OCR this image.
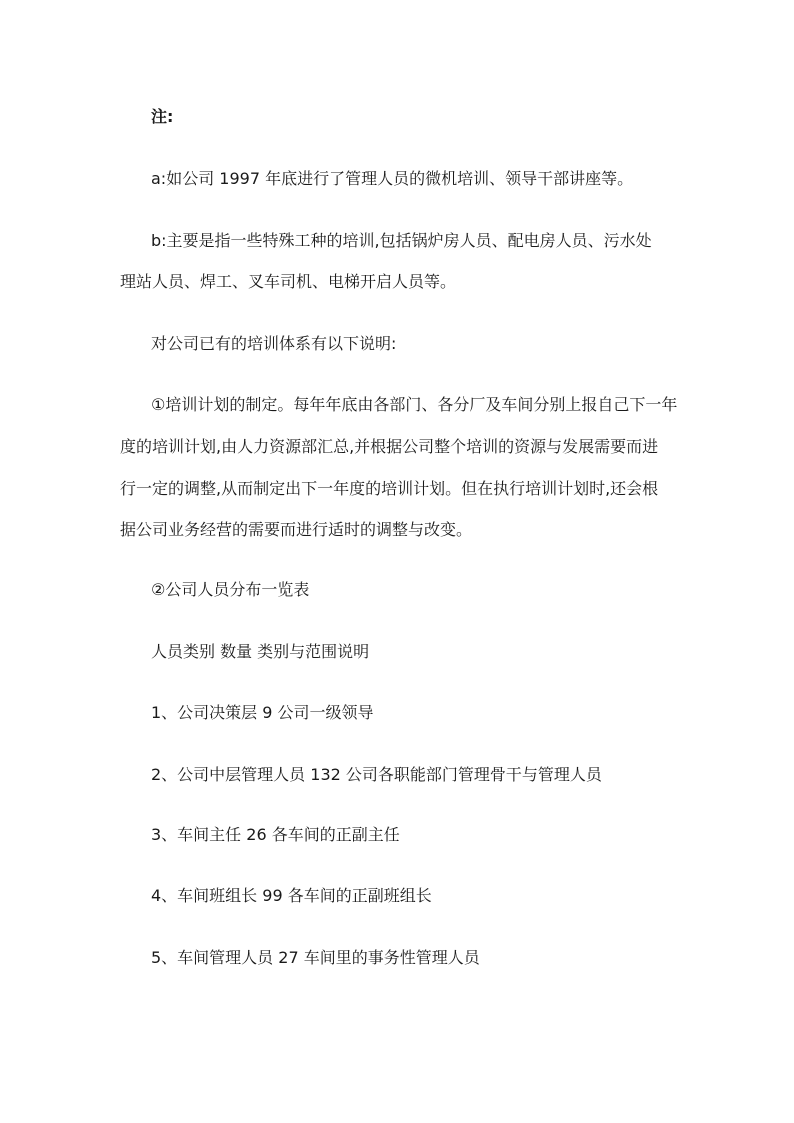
注:
a:如公司 1997 年底进行了管理人员的微机培训、领导干部讲座等。
b:主要是指一些特殊工种的培训,包括锅炉房人员、配电房人员、污水处
理站人员、焊工、叉车司机、电梯开启人员等。
对公司已有的培训体系有以下说明:
①培训计划的制定。每年年底由各部门、各分厂及车间分别上报自己下一年
度的培训计划,由人力资源部汇总,并根据公司整个培训的资源与发展需要而进
行一定的调整,从而制定出下一年度的培训计划。但在执行培训计划时,还会根
据公司业务经营的需要而进行适时的调整与改变。
②公司人员分布一览表
人员类别 数量 类别与范围说明
1、公司决策层 9 公司一级领导
2、公司中层管理人员 132 公司各职能部门管理骨干与管理人员
3、车间主任 26 各车间的正副主任
4、车间班组长 99 各车间的正副班组长
5、车间管理人员 27 车间里的事务性管理人员
